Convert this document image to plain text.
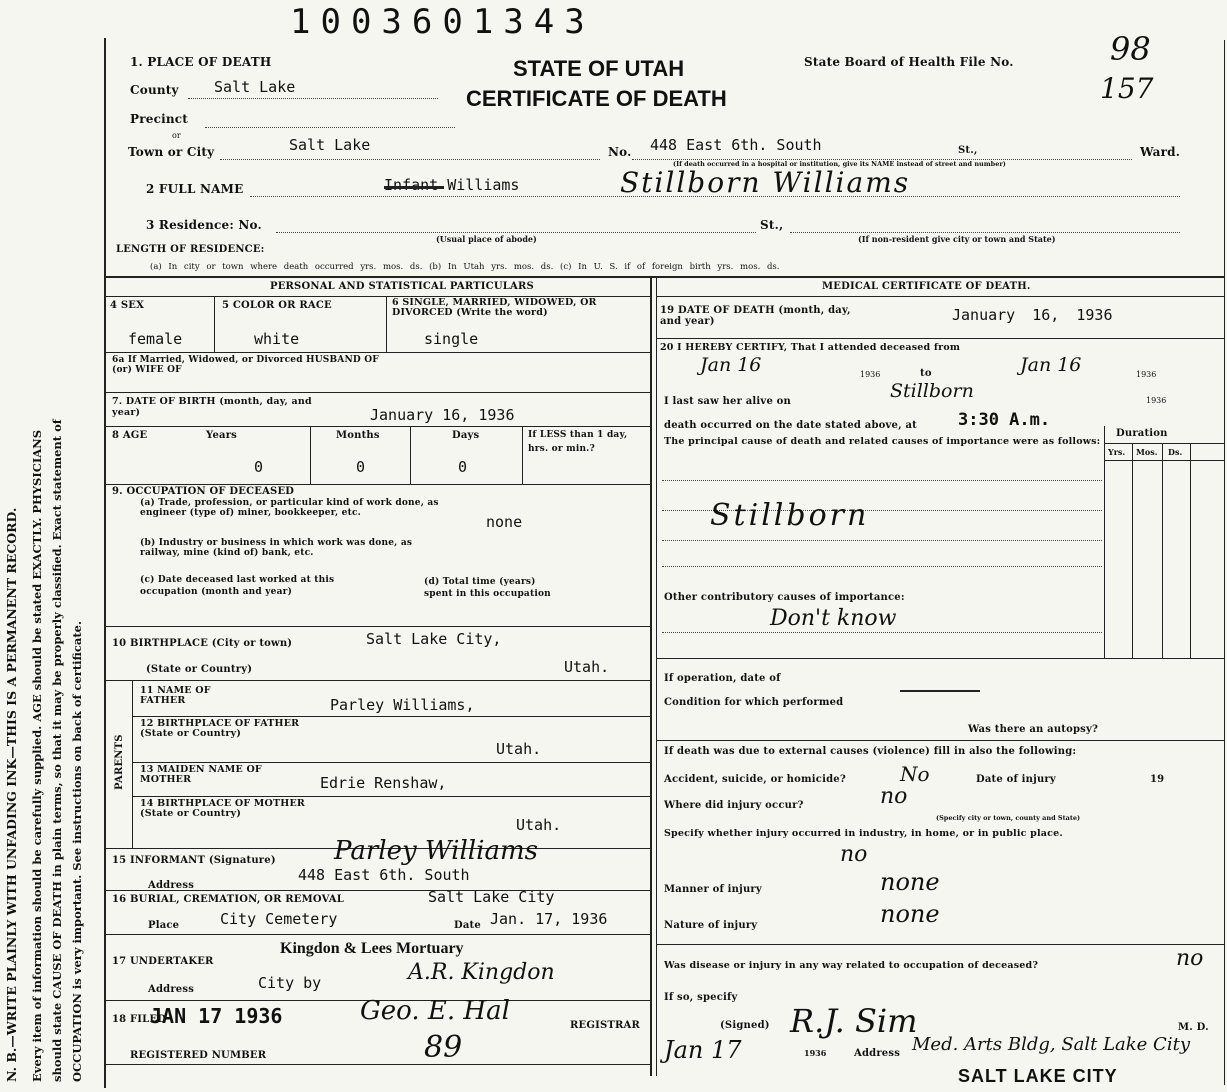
N. B.—WRITE PLAINLY WITH UNFADING INK—THIS IS A PERMANENT RECORD. Every item of information should be carefully supplied. AGE should be stated EXACTLY. PHYSICIANS should state CAUSE OF DEATH in plain terms, so that it may be properly classified. Exact statement of OCCUPATION is very important. See instructions on back of certificate.
1003601343
1. PLACE OF DEATH	STATE OF UTAH
CERTIFICATE OF DEATH
State Board of Health File No.	98
157
County Salt Lake
Precinct
or
Town or City	Salt Lake	No. 448 East 6th. South	St.,	Ward.
(If death occurred in a hospital or institution, give its NAME instead of street and number)
2 FULL NAME	Infant Williams	Stillborn Williams
3 Residence: No.	St.,
(Usual place of abode)	(If non-resident give city or town and State)
LENGTH OF RESIDENCE:
(a) In city or town where death occurred yrs. mos. ds. (b) In Utah yrs. mos. ds. (c) In U. S. if of foreign birth yrs. mos. ds.
PERSONAL AND STATISTICAL PARTICULARS
4 SEX	5 COLOR OR RACE	6 SINGLE, MARRIED, WIDOWED, OR DIVORCED (Write the word)
female	white	single
6a If Married, Widowed, or Divorced HUSBAND OF (or) WIFE OF
7. DATE OF BIRTH (month, day, and year)	January 16, 1936
8 AGE	Years	Months	Days	If LESS than 1 day, hrs. or min.?
0	0	0
9. OCCUPATION OF DECEASED
(a) Trade, profession, or particular kind of work done, as engineer (type of) miner, bookkeeper, etc.	none
(b) Industry or business in which work was done, as railway, mine (kind of) bank, etc.
(c) Date deceased last worked at this occupation (month and year)
(d) Total time (years) spent in this occupation
10 BIRTHPLACE (City or town)	Salt Lake City,
(State or Country)	Utah.
PARENTS
11 NAME OF FATHER	Parley Williams,
12 BIRTHPLACE OF FATHER (State or Country)
Utah.
13 MAIDEN NAME OF MOTHER	Edrie Renshaw,
14 BIRTHPLACE OF MOTHER (State or Country)
Utah.
15 INFORMANT (Signature) Parley Williams
Address
448 East 6th. South
16 BURIAL, CREMATION, OR REMOVAL	Salt Lake City
Place	City Cemetery	Date Jan. 17, 1936
17 UNDERTAKER
Kingdon & Lees Mortuary
Address	City by	A.R. Kingdon
18 FILED
JAN 17 1936	Geo. E. Hal	REGISTRAR
89
REGISTERED NUMBER
MEDICAL CERTIFICATE OF DEATH.
19 DATE OF DEATH (month, day, and year)	January 16, 1936
20 I HEREBY CERTIFY, That I attended deceased from
Jan 16	1936	to	Jan 16	1936
I last saw her alive on	Stillborn	1936
death occurred on the date stated above, at 3:30 A.m.
The principal cause of death and related causes of importance were as follows:
Duration
Yrs. Mos. Ds.
Stillborn
Other contributory causes of importance:
Don't know
If operation, date of
Condition for which performed
Was there an autopsy?
If death was due to external causes (violence) fill in also the following:
Accident, suicide, or homicide?	No	Date of injury	19
Where did injury occur?	no
(Specify city or town, county and State)
Specify whether injury occurred in industry, in home, or in public place.
no
Manner of injury	none
Nature of injury	none
Was disease or injury in any way related to occupation of deceased?	no
If so, specify
(Signed) R.J. Sim	M. D.
Jan 17	1936	Address Med. Arts Bldg, Salt Lake City
SALT LAKE CITY
